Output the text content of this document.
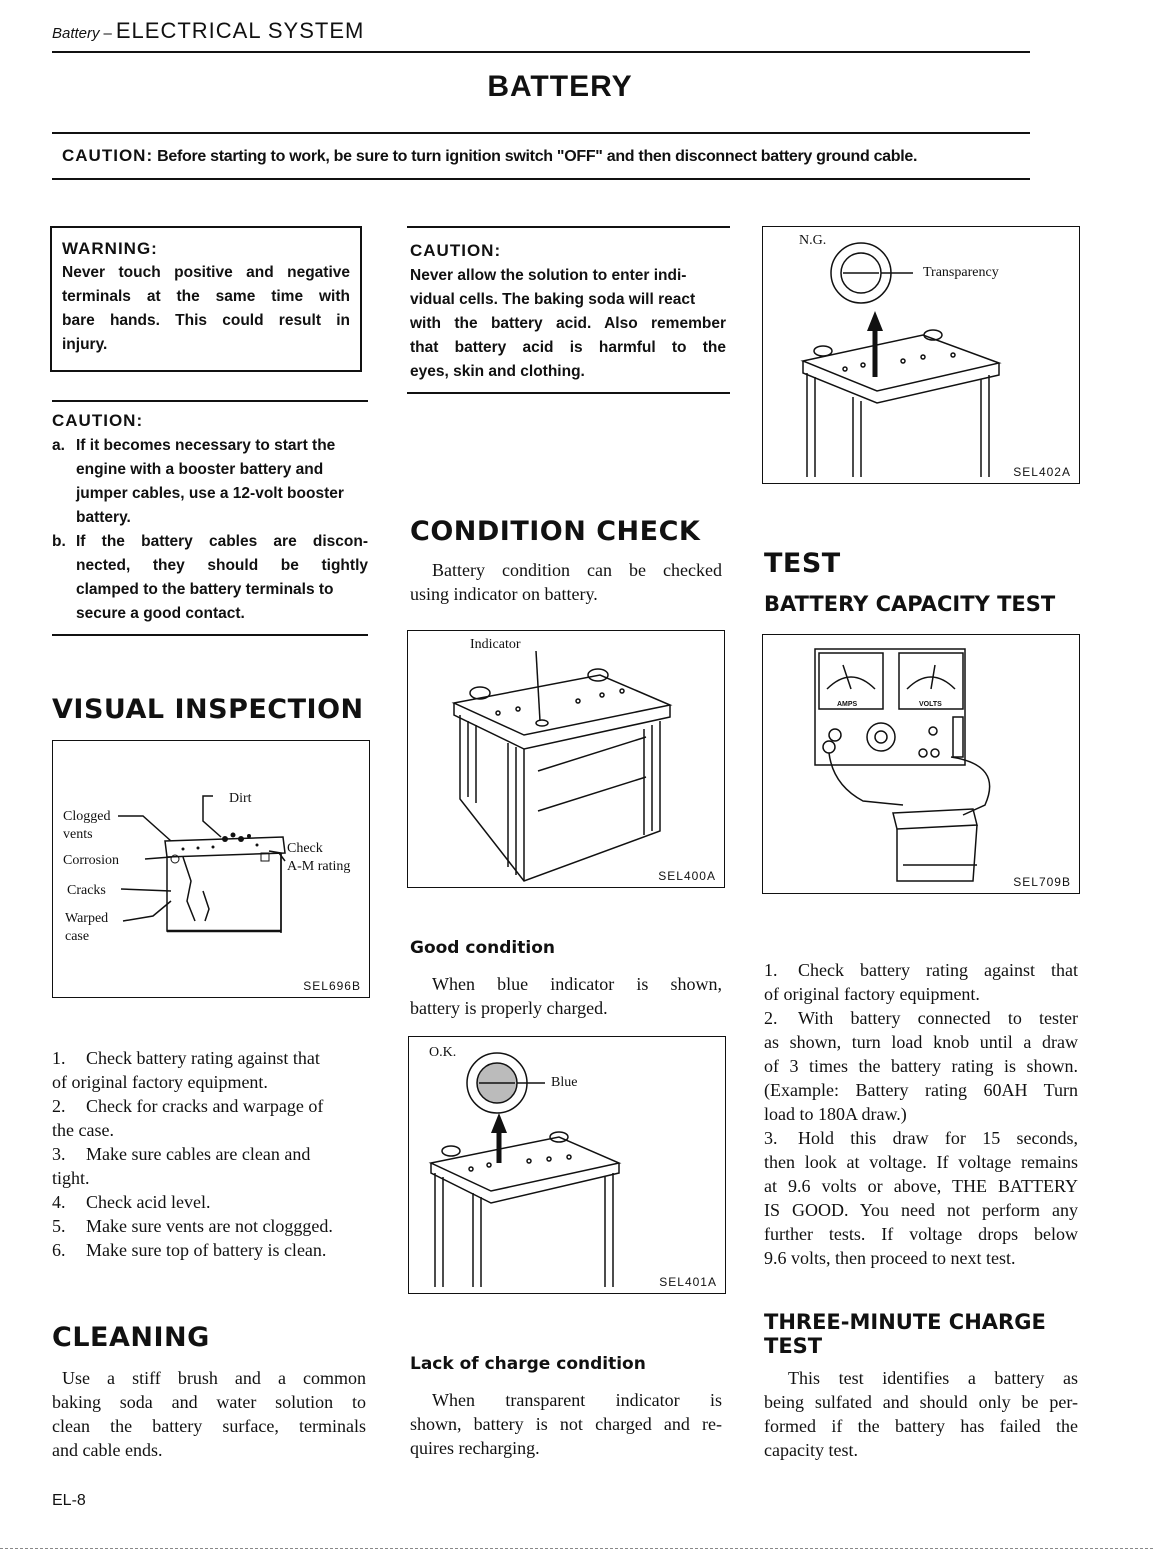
Battery – ELECTRICAL SYSTEM
BATTERY
CAUTION: Before starting to work, be sure to turn ignition switch "OFF" and then disconnect battery ground cable.
WARNING:
Never touch positive and negative
terminals at the same time with
bare hands. This could result in
injury.
CAUTION:
a. If it becomes necessary to start the
engine with a booster battery and
jumper cables, use a 12-volt booster
battery.
b. If the battery cables are discon-
nected, they should be tightly
clamped to the battery terminals to
secure a good contact.
VISUAL INSPECTION
Dirt
Clogged
vents
Corrosion
Check
A-M rating
Cracks
Warped
case
SEL696B
1. Check battery rating against that
of original factory equipment.
2. Check for cracks and warpage of
the case.
3. Make sure cables are clean and
tight.
4. Check acid level.
5. Make sure vents are not cloggged.
6. Make sure top of battery is clean.
CLEANING
Use a stiff brush and a common
baking soda and water solution to
clean the battery surface, terminals
and cable ends.
EL-8
CAUTION:
Never allow the solution to enter indi-
vidual cells. The baking soda will react
with the battery acid. Also remember
that battery acid is harmful to the
eyes, skin and clothing.
CONDITION CHECK
Battery condition can be checked
using indicator on battery.
Indicator
SEL400A
Good condition
When blue indicator is shown,
battery is properly charged.
O.K.
Blue
SEL401A
Lack of charge condition
When transparent indicator is
shown, battery is not charged and re-
quires recharging.
N.G.
Transparency
SEL402A
TEST
BATTERY CAPACITY TEST
AMPS	VOLTS
SEL709B
1. Check battery rating against that
of original factory equipment.
2. With battery connected to tester
as shown, turn load knob until a draw
of 3 times the battery rating is shown.
(Example: Battery rating 60AH Turn
load to 180A draw.)
3. Hold this draw for 15 seconds,
then look at voltage. If voltage remains
at 9.6 volts or above, THE BATTERY
IS GOOD. You need not perform any
further tests. If voltage drops below
9.6 volts, then proceed to next test.
THREE-MINUTE CHARGE
TEST
This test identifies a battery as
being sulfated and should only be per-
formed if the battery has failed the
capacity test.
